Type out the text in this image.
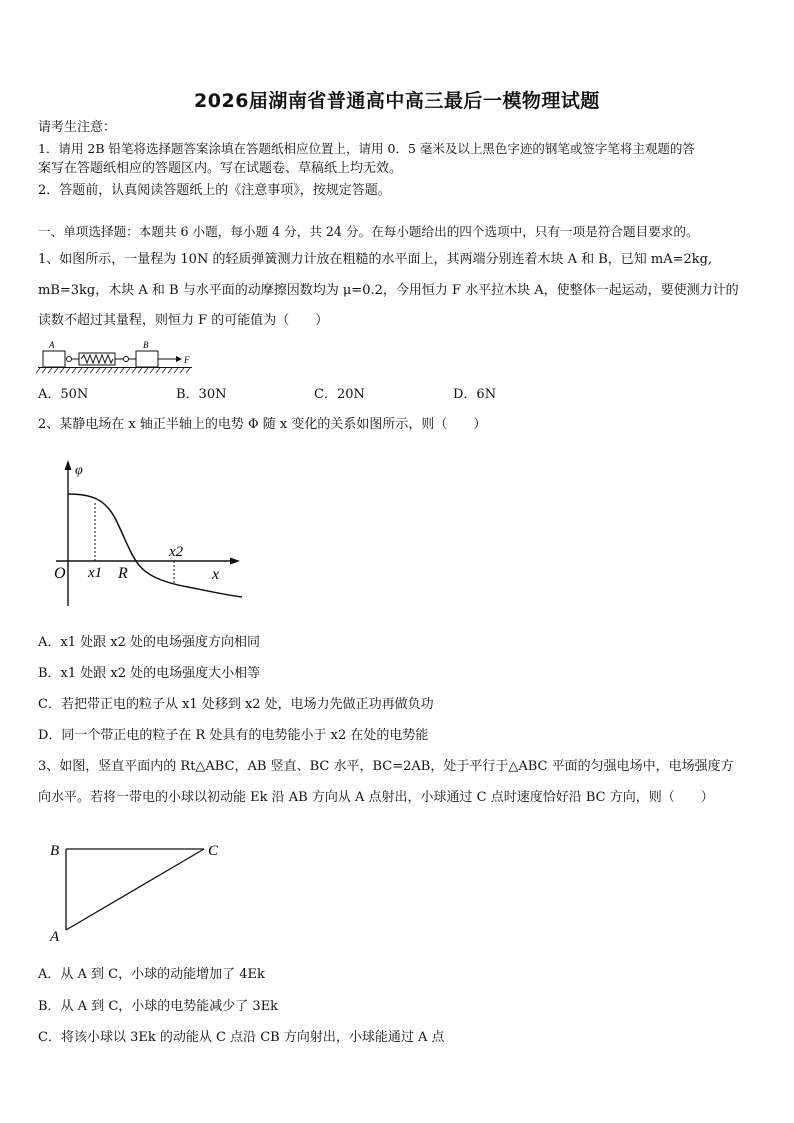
2026届湖南省普通高中高三最后一模物理试题
请考生注意：
1．请用 2B 铅笔将选择题答案涂填在答题纸相应位置上，请用 0．5 毫米及以上黑色字迹的钢笔或签字笔将主观题的答
案写在答题纸相应的答题区内。写在试题卷、草稿纸上均无效。
2．答题前，认真阅读答题纸上的《注意事项》，按规定答题。
一、单项选择题：本题共 6 小题，每小题 4 分，共 24 分。在每小题给出的四个选项中，只有一项是符合题目要求的。
1、如图所示，一量程为 10N 的轻质弹簧测力计放在粗糙的水平面上，其两端分别连着木块 A 和 B，已知 mA=2kg,
mB=3kg，木块 A 和 B 与水平面的动摩擦因数均为 μ=0.2，今用恒力 F 水平拉木块 A，使整体一起运动，要使测力计的
读数不超过其量程，则恒力 F 的可能值为（　　）
A	B
F
A．50N	B．30N	C．20N	D．6N
2、某静电场在 x 轴正半轴上的电势 Φ 随 x 变化的关系如图所示，则（　　）
φ
O	x
x1 R
x2
A．x1 处跟 x2 处的电场强度方向相同
B．x1 处跟 x2 处的电场强度大小相等
C．若把带正电的粒子从 x1 处移到 x2 处，电场力先做正功再做负功
D．同一个带正电的粒子在 R 处具有的电势能小于 x2 在处的电势能
3、如图，竖直平面内的 Rt△ABC，AB 竖直、BC 水平，BC=2AB，处于平行于△ABC 平面的匀强电场中，电场强度方
向水平。若将一带电的小球以初动能 Ek 沿 AB 方向从 A 点射出，小球通过 C 点时速度恰好沿 BC 方向，则（　　）
B	C
A
A．从 A 到 C，小球的动能增加了 4Ek
B．从 A 到 C，小球的电势能减少了 3Ek
C．将该小球以 3Ek 的动能从 C 点沿 CB 方向射出，小球能通过 A 点
